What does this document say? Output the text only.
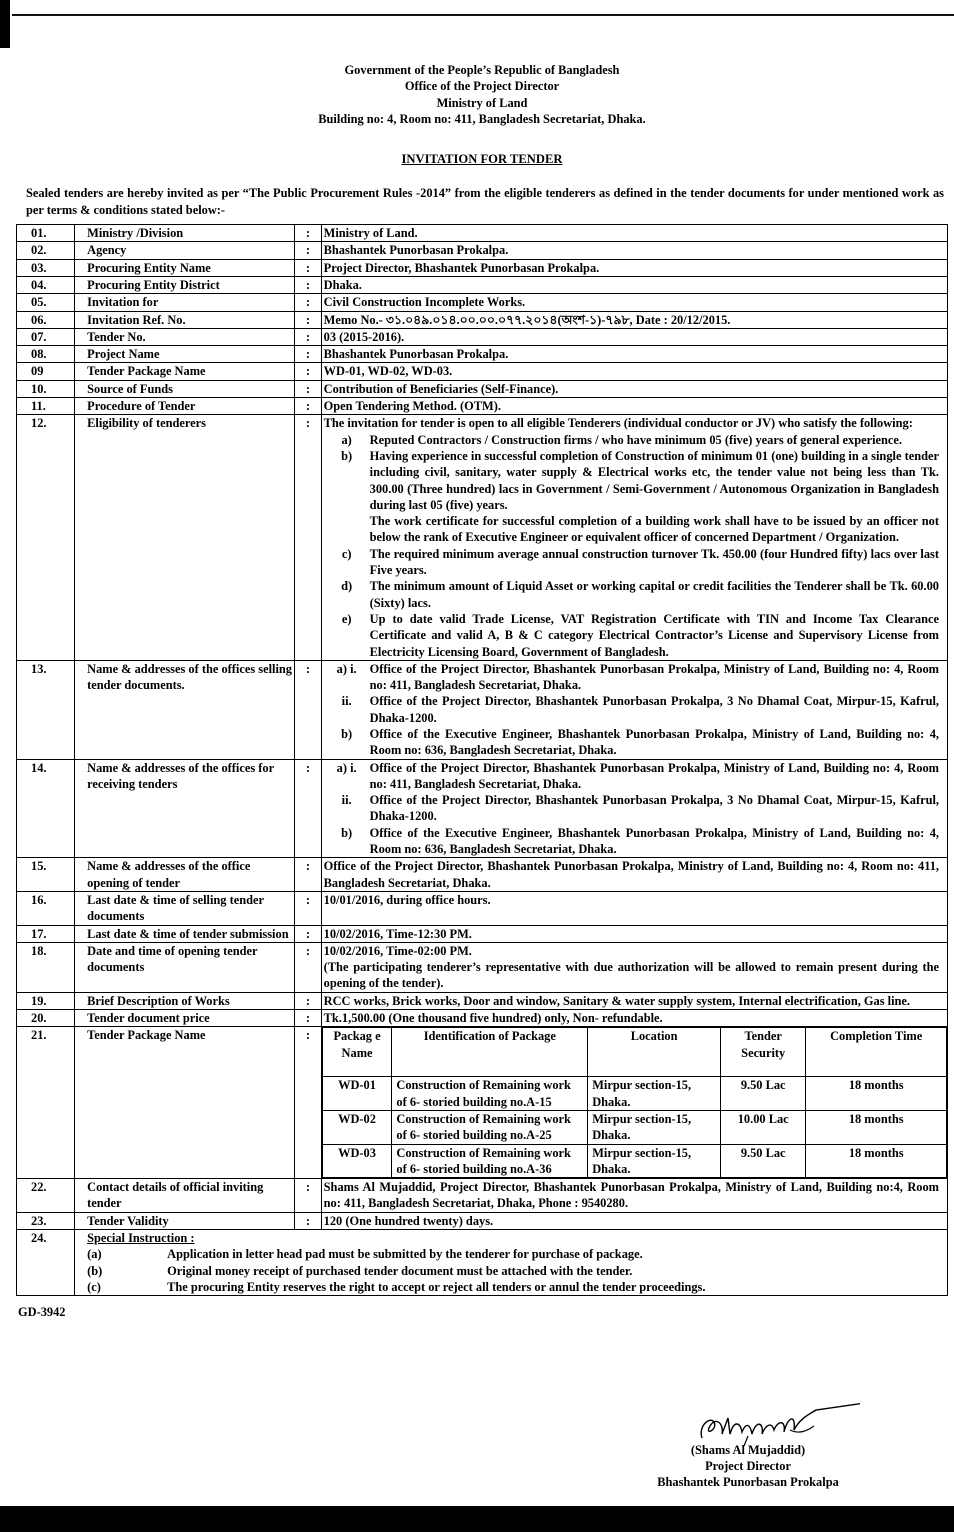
Government of the People’s Republic of Bangladesh
Office of the Project Director
Ministry of Land
Building no: 4, Room no: 411, Bangladesh Secretariat, Dhaka.
INVITATION FOR TENDER
Sealed tenders are hereby invited as per “The Public Procurement Rules -2014” from the eligible tenderers as defined in the tender documents for under mentioned work as per terms & conditions stated below:-
01.	Ministry /Division	:	Ministry of Land.
02.	Agency	:	Bhashantek Punorbasan Prokalpa.
03.	Procuring Entity Name	:	Project Director, Bhashantek Punorbasan Prokalpa.
04.	Procuring Entity District	:	Dhaka.
05.	Invitation for	:	Civil Construction Incomplete Works.
06.	Invitation Ref. No.	:	Memo No.- ৩১.০৪৯.০১৪.০০.০০.০৭৭.২০১৪(অংশ-১)-৭৯৮, Date : 20/12/2015.
07.	Tender No.	:	03 (2015-2016).
08.	Project Name	:	Bhashantek Punorbasan Prokalpa.
09	Tender Package Name	:	WD-01, WD-02, WD-03.
10.	Source of Funds	:	Contribution of Beneficiaries (Self-Finance).
11.	Procedure of Tender	:	Open Tendering Method. (OTM).
12.	Eligibility of tenderers	:	The invitation for tender is open to all eligible Tenderers (individual conductor or JV) who satisfy the following:
a)	Reputed Contractors / Construction firms / who have minimum 05 (five) years of general experience.
b)	Having experience in successful completion of Construction of minimum 01 (one) building in a single tender including civil, sanitary, water supply & Electrical works etc, the tender value not being less than Tk. 300.00 (Three hundred) lacs in Government / Semi-Government / Autonomous Organization in Bangladesh during last 05 (five) years.
The work certificate for successful completion of a building work shall have to be issued by an officer not below the rank of Executive Engineer or equivalent officer of concerned Department / Organization.
c)	The required minimum average annual construction turnover Tk. 450.00 (four Hundred fifty) lacs over last Five years.
d)	The minimum amount of Liquid Asset or working capital or credit facilities the Tenderer shall be Tk. 60.00 (Sixty) lacs.
e)	Up to date valid Trade License, VAT Registration Certificate with TIN and Income Tax Clearance Certificate and valid A, B & C category Electrical Contractor’s License and Supervisory License from Electricity Licensing Board, Government of Bangladesh.

13.	Name & addresses of the offices selling tender documents.	:	a) i.	Office of the Project Director, Bhashantek Punorbasan Prokalpa, Ministry of Land, Building no: 4, Room no: 411, Bangladesh Secretariat, Dhaka.
ii.	Office of the Project Director, Bhashantek Punorbasan Prokalpa, 3 No Dhamal Coat, Mirpur-15, Kafrul, Dhaka-1200.
b)	Office of the Executive Engineer, Bhashantek Punorbasan Prokalpa, Ministry of Land, Building no: 4, Room no: 636, Bangladesh Secretariat, Dhaka.

14.	Name & addresses of the offices for receiving tenders	:	a) i.	Office of the Project Director, Bhashantek Punorbasan Prokalpa, Ministry of Land, Building no: 4, Room no: 411, Bangladesh Secretariat, Dhaka.
ii.	Office of the Project Director, Bhashantek Punorbasan Prokalpa, 3 No Dhamal Coat, Mirpur-15, Kafrul, Dhaka-1200.
b)	Office of the Executive Engineer, Bhashantek Punorbasan Prokalpa, Ministry of Land, Building no: 4, Room no: 636, Bangladesh Secretariat, Dhaka.

15.	Name & addresses of the office opening of tender	:	Office of the Project Director, Bhashantek Punorbasan Prokalpa, Ministry of Land, Building no: 4, Room no: 411, Bangladesh Secretariat, Dhaka.
16.	Last date & time of selling tender documents	:	10/01/2016, during office hours.
17.	Last date & time of tender submission	:	10/02/2016, Time-12:30 PM.
18.	Date and time of opening tender documents	:	10/02/2016, Time-02:00 PM.
(The participating tenderer’s representative with due authorization will be allowed to remain present during the opening of the tender).

19.	Brief Description of Works	:	RCC works, Brick works, Door and window, Sanitary & water supply system, Internal electrification, Gas line.
20.	Tender document price	:	Tk.1,500.00 (One thousand five hundred) only, Non- refundable.
21.	Tender Package Name	:	Packag e Name	Identification of Package	Location	Tender Security	Completion Time
WD-01	Construction of Remaining work of 6- storied building no.A-15	Mirpur section-15, Dhaka.	9.50 Lac	18 months
WD-02	Construction of Remaining work of 6- storied building no.A-25	Mirpur section-15, Dhaka.	10.00 Lac	18 months
WD-03	Construction of Remaining work of 6- storied building no.A-36	Mirpur section-15, Dhaka.	9.50 Lac	18 months

22.	Contact details of official inviting tender	:	Shams Al Mujaddid, Project Director, Bhashantek Punorbasan Prokalpa, Ministry of Land, Building no:4, Room no: 411, Bangladesh Secretariat, Dhaka, Phone : 9540280.
23.	Tender Validity	:	120 (One hundred twenty) days.
24.	Special Instruction :
(a)	Application in letter head pad must be submitted by the tenderer for purchase of package.
(b)	Original money receipt of purchased tender document must be attached with the tender.
(c)	The procuring Entity reserves the right to accept or reject all tenders or annul the tender proceedings.
GD-3942
(Shams Al Mujaddid)
Project Director
Bhashantek Punorbasan Prokalpa
